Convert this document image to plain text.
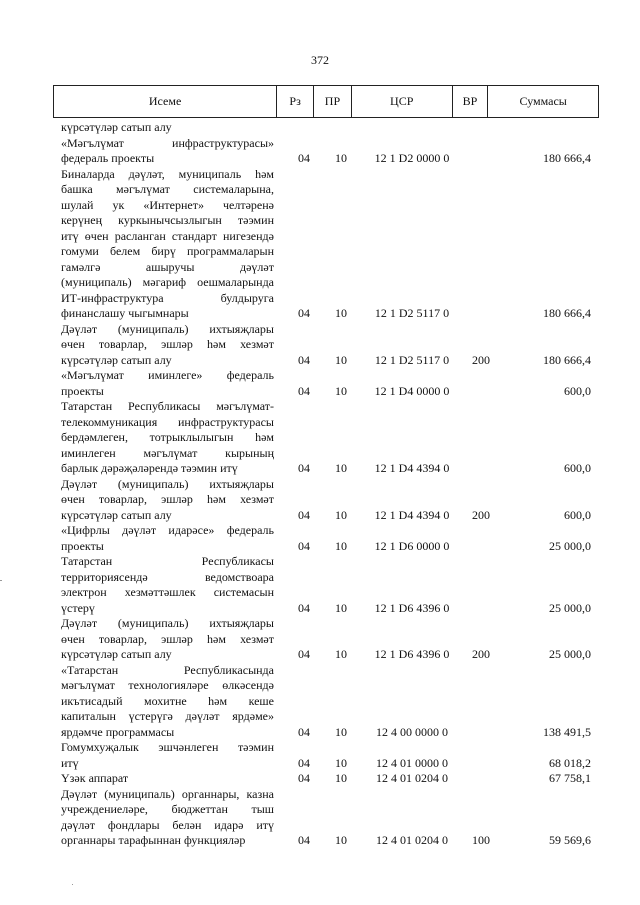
372
Исеме	Рз	ПР	ЦСР	ВР	Суммасы
күрсәтүләр сатып алу
«Мәгълүмат инфраструктурасы»
федераль проекты	04	10	12 1 D2 0000 0	180 666,4
Биналарда дәүләт, муниципаль һәм
башка мәгълүмат системаларына,
шулай ук «Интернет» челтәренә
керүнең куркынычсызлыгын тәэмин
итү өчен расланган стандарт нигезендә
гомуми белем бирү программаларын
гамәлгә ашыручы дәүләт
(муниципаль) мәгариф оешмаларында
ИТ-инфраструктура булдыруга
финанслашу чыгымнары	04	10	12 1 D2 5117 0	180 666,4
Дәүләт (муниципаль) ихтыяҗлары
өчен товарлар, эшләр һәм хезмәт
күрсәтүләр сатып алу	04	10	12 1 D2 5117 0	200	180 666,4
«Мәгълүмат иминлеге» федераль
проекты	04	10	12 1 D4 0000 0	600,0
Татарстан Республикасы мәгълүмат-
телекоммуникация инфраструктурасы
бердәмлеген, тотрыклылыгын һәм
иминлеген мәгълүмат кырының
барлык дәрәҗәләрендә тәэмин итү	04	10	12 1 D4 4394 0	600,0
Дәүләт (муниципаль) ихтыяҗлары
өчен товарлар, эшләр һәм хезмәт
күрсәтүләр сатып алу	04	10	12 1 D4 4394 0	200	600,0
«Цифрлы дәүләт идарәсе» федераль
проекты	04	10	12 1 D6 0000 0	25 000,0
Татарстан Республикасы
территориясендә ведомствоара
электрон хезмәттәшлек системасын
үстерү	04	10	12 1 D6 4396 0	25 000,0
Дәүләт (муниципаль) ихтыяҗлары
өчен товарлар, эшләр һәм хезмәт
күрсәтүләр сатып алу	04	10	12 1 D6 4396 0	200	25 000,0
«Татарстан Республикасында
мәгълүмат технологияләре өлкәсендә
икътисадый мохитне һәм кеше
капиталын үстерүгә дәүләт ярдәме»
ярдәмче программасы	04	10	12 4 00 0000 0	138 491,5
Гомумхуҗалык эшчәнлеген тәэмин
итү	04	10	12 4 01 0000 0	68 018,2
Үзәк аппарат	04	10	12 4 01 0204 0	67 758,1
Дәүләт (муниципаль) органнары, казна
учреждениеләре, бюджеттан тыш
дәүләт фондлары белән идарә итү
органнары тарафыннан функцияләр	04	10	12 4 01 0204 0	100	59 569,6
